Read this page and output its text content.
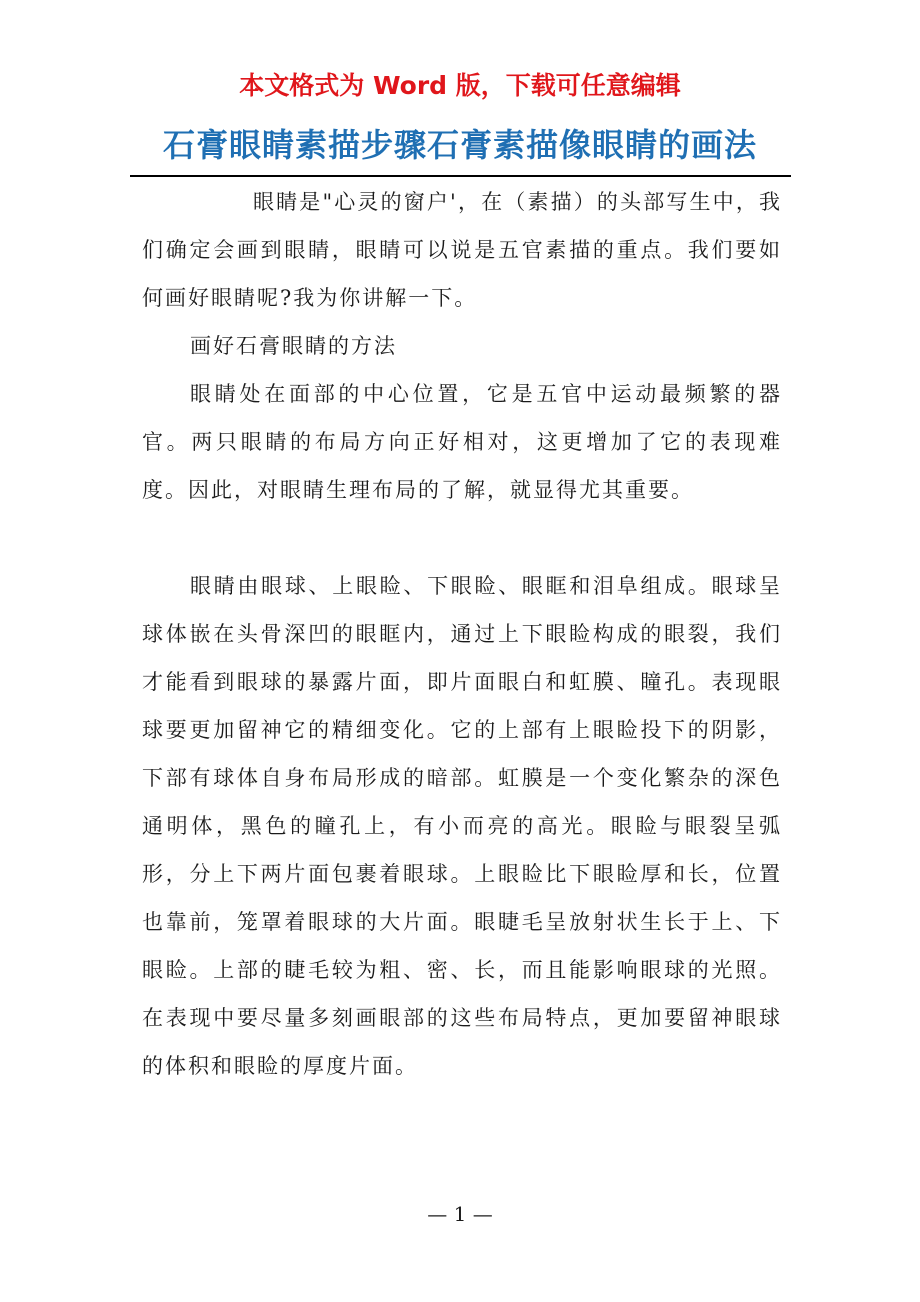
本文格式为 Word 版，下载可任意编辑

石膏眼睛素描步骤石膏素描像眼睛的画法

眼睛是"心灵的窗户'，在（素描）的头部写生中，我们确定会画到眼睛，眼睛可以说是五官素描的重点。我们要如何画好眼睛呢?我为你讲解一下。

画好石膏眼睛的方法

眼睛处在面部的中心位置，它是五官中运动最频繁的器官。两只眼睛的布局方向正好相对，这更增加了它的表现难度。因此，对眼睛生理布局的了解，就显得尤其重要。

眼睛由眼球、上眼睑、下眼睑、眼眶和泪阜组成。眼球呈球体嵌在头骨深凹的眼眶内，通过上下眼睑构成的眼裂，我们才能看到眼球的暴露片面，即片面眼白和虹膜、瞳孔。表现眼球要更加留神它的精细变化。它的上部有上眼睑投下的阴影，下部有球体自身布局形成的暗部。虹膜是一个变化繁杂的深色通明体，黑色的瞳孔上，有小而亮的高光。眼睑与眼裂呈弧形，分上下两片面包裹着眼球。上眼睑比下眼睑厚和长，位置也靠前，笼罩着眼球的大片面。眼睫毛呈放射状生长于上、下眼睑。上部的睫毛较为粗、密、长，而且能影响眼球的光照。在表现中要尽量多刻画眼部的这些布局特点，更加要留神眼球的体积和眼睑的厚度片面。

— 1 —
